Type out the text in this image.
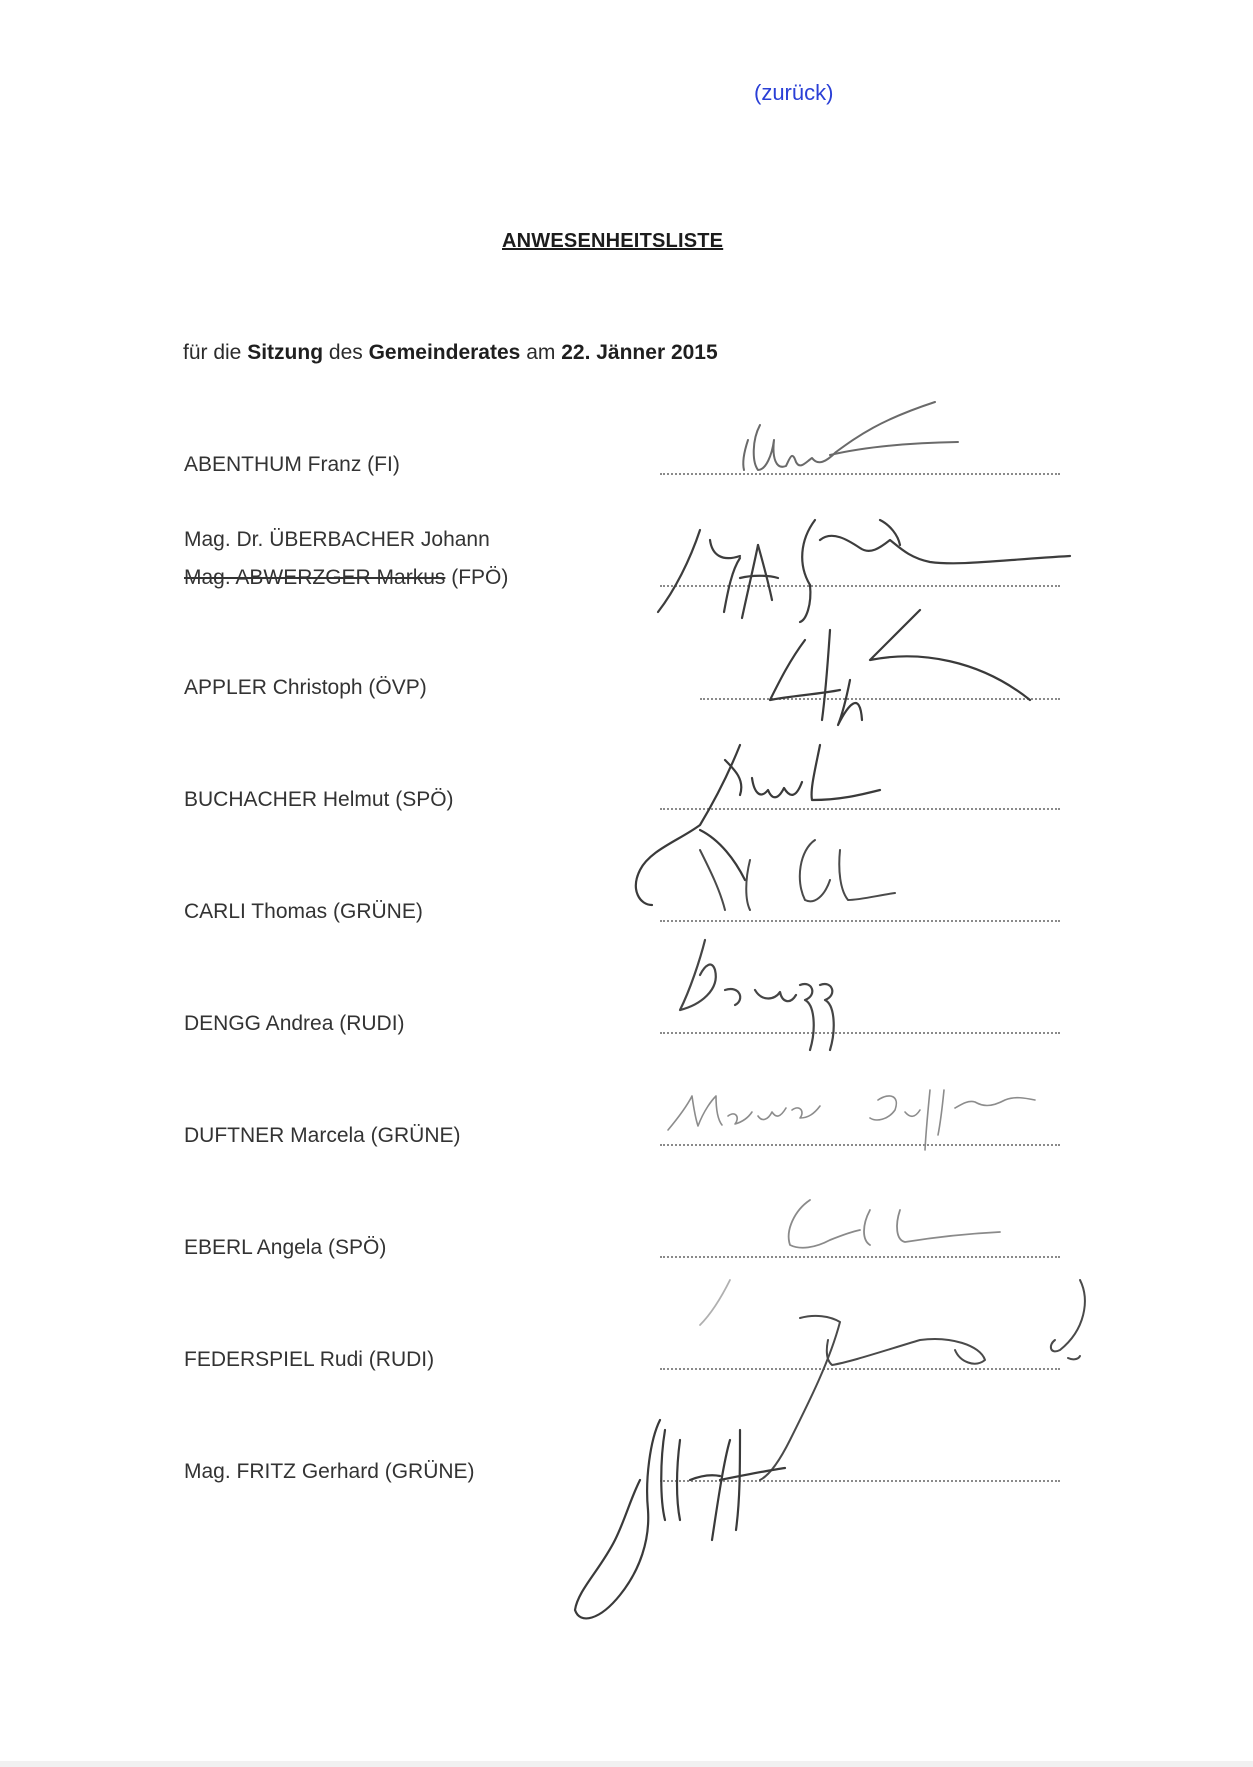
(zurück)
ANWESENHEITSLISTE
für die Sitzung des Gemeinderates am 22. Jänner 2015
ABENTHUM Franz (FI)
Mag. Dr. ÜBERBACHER Johann
Mag. ABWERZGER Markus (FPÖ)
APPLER Christoph (ÖVP)
BUCHACHER Helmut (SPÖ)
CARLI Thomas (GRÜNE)
DENGG Andrea (RUDI)
DUFTNER Marcela (GRÜNE)
EBERL Angela (SPÖ)
FEDERSPIEL Rudi (RUDI)
Mag. FRITZ Gerhard (GRÜNE)
